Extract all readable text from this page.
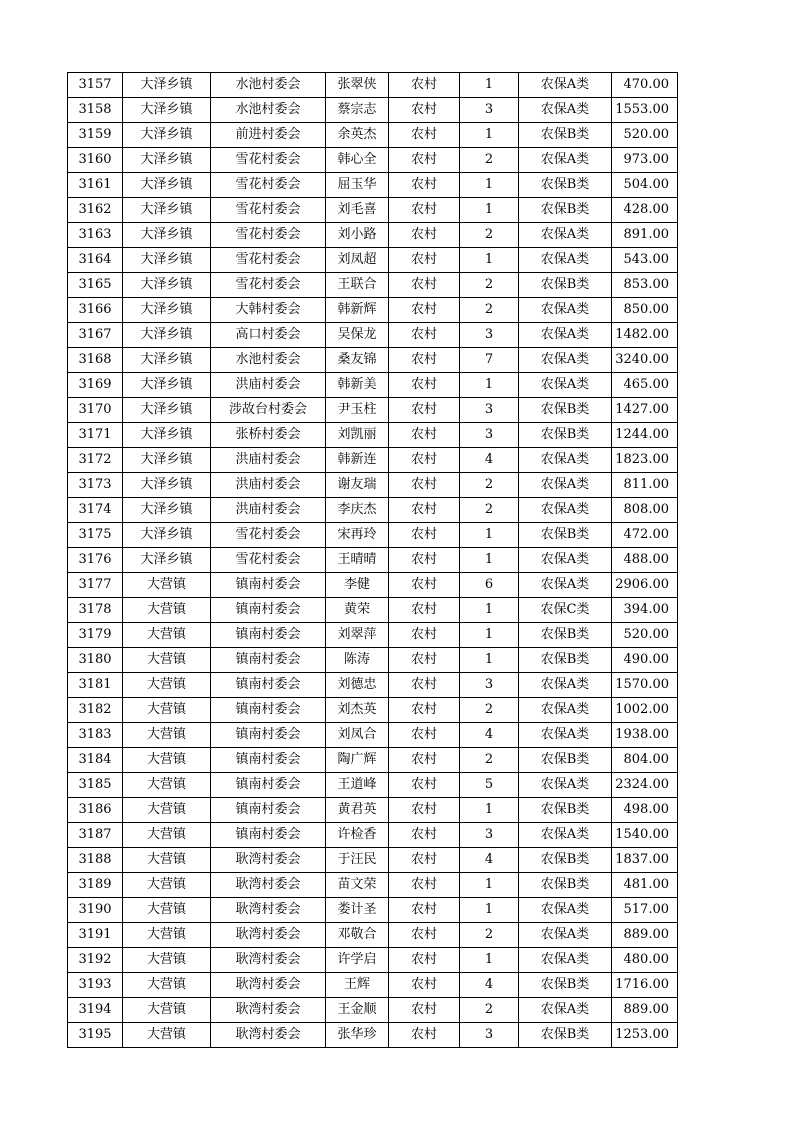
3157	大泽乡镇	水池村委会	张翠侠	农村	1	农保A类	470.00
3158	大泽乡镇	水池村委会	蔡宗志	农村	3	农保A类	1553.00
3159	大泽乡镇	前进村委会	余英杰	农村	1	农保B类	520.00
3160	大泽乡镇	雪花村委会	韩心全	农村	2	农保A类	973.00
3161	大泽乡镇	雪花村委会	屈玉华	农村	1	农保B类	504.00
3162	大泽乡镇	雪花村委会	刘毛喜	农村	1	农保B类	428.00
3163	大泽乡镇	雪花村委会	刘小路	农村	2	农保A类	891.00
3164	大泽乡镇	雪花村委会	刘凤超	农村	1	农保A类	543.00
3165	大泽乡镇	雪花村委会	王联合	农村	2	农保B类	853.00
3166	大泽乡镇	大韩村委会	韩新辉	农村	2	农保A类	850.00
3167	大泽乡镇	高口村委会	吴保龙	农村	3	农保A类	1482.00
3168	大泽乡镇	水池村委会	桑友锦	农村	7	农保A类	3240.00
3169	大泽乡镇	洪庙村委会	韩新美	农村	1	农保A类	465.00
3170	大泽乡镇	涉故台村委会	尹玉柱	农村	3	农保B类	1427.00
3171	大泽乡镇	张桥村委会	刘凯丽	农村	3	农保B类	1244.00
3172	大泽乡镇	洪庙村委会	韩新连	农村	4	农保A类	1823.00
3173	大泽乡镇	洪庙村委会	谢友瑞	农村	2	农保A类	811.00
3174	大泽乡镇	洪庙村委会	李庆杰	农村	2	农保A类	808.00
3175	大泽乡镇	雪花村委会	宋再玲	农村	1	农保B类	472.00
3176	大泽乡镇	雪花村委会	王晴晴	农村	1	农保A类	488.00
3177	大营镇	镇南村委会	李健	农村	6	农保A类	2906.00
3178	大营镇	镇南村委会	黄荣	农村	1	农保C类	394.00
3179	大营镇	镇南村委会	刘翠萍	农村	1	农保B类	520.00
3180	大营镇	镇南村委会	陈涛	农村	1	农保B类	490.00
3181	大营镇	镇南村委会	刘德忠	农村	3	农保A类	1570.00
3182	大营镇	镇南村委会	刘杰英	农村	2	农保A类	1002.00
3183	大营镇	镇南村委会	刘凤合	农村	4	农保A类	1938.00
3184	大营镇	镇南村委会	陶广辉	农村	2	农保B类	804.00
3185	大营镇	镇南村委会	王道峰	农村	5	农保A类	2324.00
3186	大营镇	镇南村委会	黄君英	农村	1	农保B类	498.00
3187	大营镇	镇南村委会	许检香	农村	3	农保A类	1540.00
3188	大营镇	耿湾村委会	于汪民	农村	4	农保B类	1837.00
3189	大营镇	耿湾村委会	苗文荣	农村	1	农保B类	481.00
3190	大营镇	耿湾村委会	娄计圣	农村	1	农保A类	517.00
3191	大营镇	耿湾村委会	邓敬合	农村	2	农保A类	889.00
3192	大营镇	耿湾村委会	许学启	农村	1	农保A类	480.00
3193	大营镇	耿湾村委会	王辉	农村	4	农保B类	1716.00
3194	大营镇	耿湾村委会	王金顺	农村	2	农保A类	889.00
3195	大营镇	耿湾村委会	张华珍	农村	3	农保B类	1253.00
